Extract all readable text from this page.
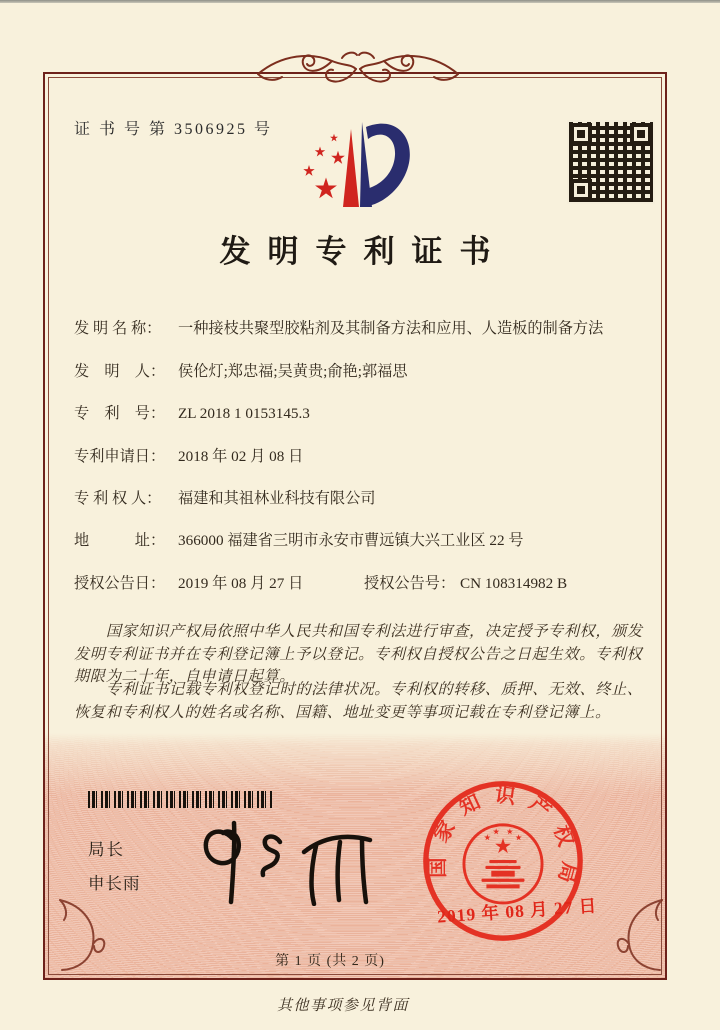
证 书 号 第 3506925 号
发明专利证书
发 明 名 称：	一种接枝共聚型胶粘剂及其制备方法和应用、人造板的制备方法
发　明　人： 侯伦灯;郑忠福;吴黄贵;俞艳;郭福思
专　利　号： ZL 2018 1 0153145.3
专利申请日： 2018 年 02 月 08 日
专 利 权 人：	福建和其祖林业科技有限公司
地　　　址： 366000 福建省三明市永安市曹远镇大兴工业区 22 号
授权公告日： 2019 年 08 月 27 日	授权公告号： CN 108314982 B

国家知识产权局依照中华人民共和国专利法进行审查，决定授予专利权，颁发发明专利证书并在专利登记簿上予以登记。专利权自授权公告之日起生效。专利权期限为二十年，自申请日起算。

专利证书记载专利权登记时的法律状况。专利权的转移、质押、无效、终止、恢复和专利权人的姓名或名称、国籍、地址变更等事项记载在专利登记簿上。

局长
申长雨
国家知识产权局
2019 年 08 月 27 日
第 1 页 (共 2 页)
其他事项参见背面
